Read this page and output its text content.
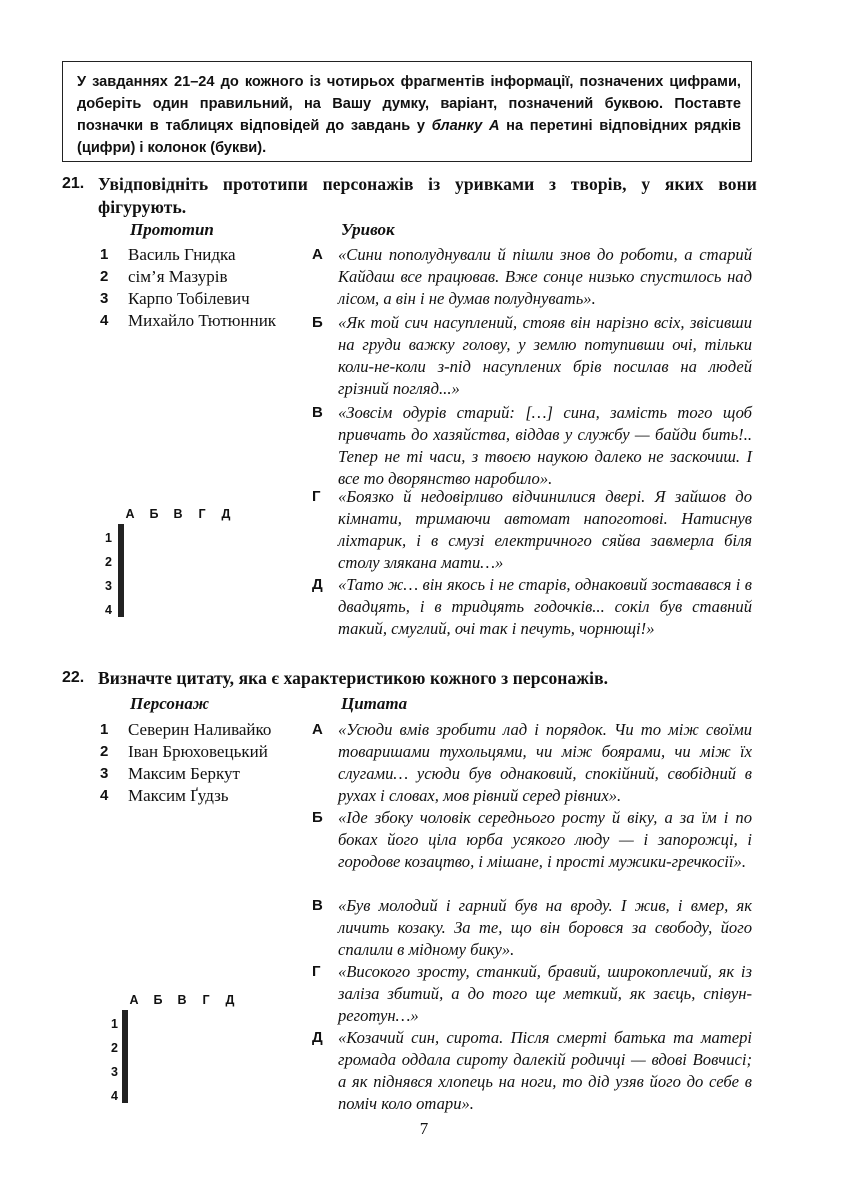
У завданнях 21–24 до кожного із чотирьох фрагментів інформації, позначених цифрами, доберіть один правильний, на Вашу думку, варіант, позначений буквою. Поставте позначки в таблицях відповідей до завдань у бланку А на перетині відповідних рядків (цифри) і колонок (букви).
21. Увідповідніть прототипи персонажів із уривками з творів, у яких вони фігурують.
Прототип	Уривок
1	Василь Гнидка
2	сім’я Мазурів
3	Карпо Тобілевич
4	Михайло Тютюнник
А «Сини пополуднували й пішли знов до роботи, а старий Кайдаш все працював. Вже сонце низько спустилось над лісом, а він і не думав полуднувать».
Б «Як той сич насуплений, стояв він нарізно всіх, звісивши на груди важку голову, у землю потупивши очі, тільки коли-не-коли з-під насуплених брів посилав на людей грізний погляд...»
В «Зовсім одурів старий: […] сина, замість того щоб привчать до хазяйства, віддав у службу — байди бить!.. Тепер не ті часи, з твоєю наукою далеко не заскочиш. І все то дворянство наробило».
Г «Боязко й недовірливо відчинилися двері. Я зайшов до кімнати, тримаючи автомат напоготові. Натиснув ліхтарик, і в смузі електричного сяйва завмерла біля столу злякана мати…»
Д «Тато ж… він якось і не старів, однаковий зоставався і в двадцять, і в тридцять годочків... сокіл був ставний такий, смуглий, очі так і печуть, чорнющі!»
А	Б	В	Г	Д
1
2
3
4

22. Визначте цитату, яка є характеристикою кожного з персонажів.
Персонаж	Цитата
1	Северин Наливайко
2	Іван Брюховецький
3	Максим Беркут
4	Максим Ґудзь
А «Усюди вмів зробити лад і порядок. Чи то між своїми товаришами тухольцями, чи між боярами, чи між їх слугами… усюди був однаковий, спокійний, свобідний в рухах і словах, мов рівний серед рівних».
Б «Іде збоку чоловік середнього росту й віку, а за їм і по боках його ціла юрба усякого люду — і запорожці, і городове козацтво, і мішане, і прості мужики-гречкосії».
В «Був молодий і гарний був на вроду. І жив, і вмер, як личить козаку. За те, що він боровся за свободу, його спалили в мідному бику».
Г «Високого зросту, станкий, бравий, широкоплечий, як із заліза збитий, а до того ще меткий, як заєць, співун-реготун…»
Д «Козачий син, сирота. Після смерті батька та матері громада оддала сироту далекій родичці — вдові Вовчисі; а як піднявся хлопець на ноги, то дід узяв його до себе в поміч коло отари».
А	Б	В	Г	Д
1
2
3
4

7
